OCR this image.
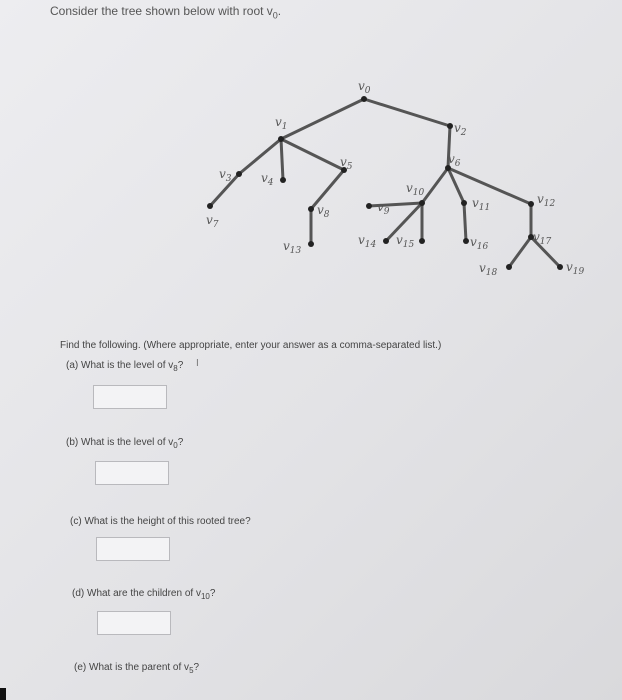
Consider the tree shown below with root $v_0$.
$v_0$
$v_1$	$v_2$
$v_3$ $v_4$
$v_5$
$v_6$
$v_7$
$v_8$
$v_9$
$v_{10}$
$v_{11}$
$v_{12}$
$v_{13}$
$v_{14}$ $v_{15}$	$v_{16}$
$v_{17}$
$v_{18}$	$v_{19}$
Find the following. (Where appropriate, enter your answer as a comma-separated list.)
(a) What is the level of $v_8$? I
(b) What is the level of $v_0$?
(c) What is the height of this rooted tree?
(d) What are the children of $v_{10}$?
(e) What is the parent of $v_5$?
